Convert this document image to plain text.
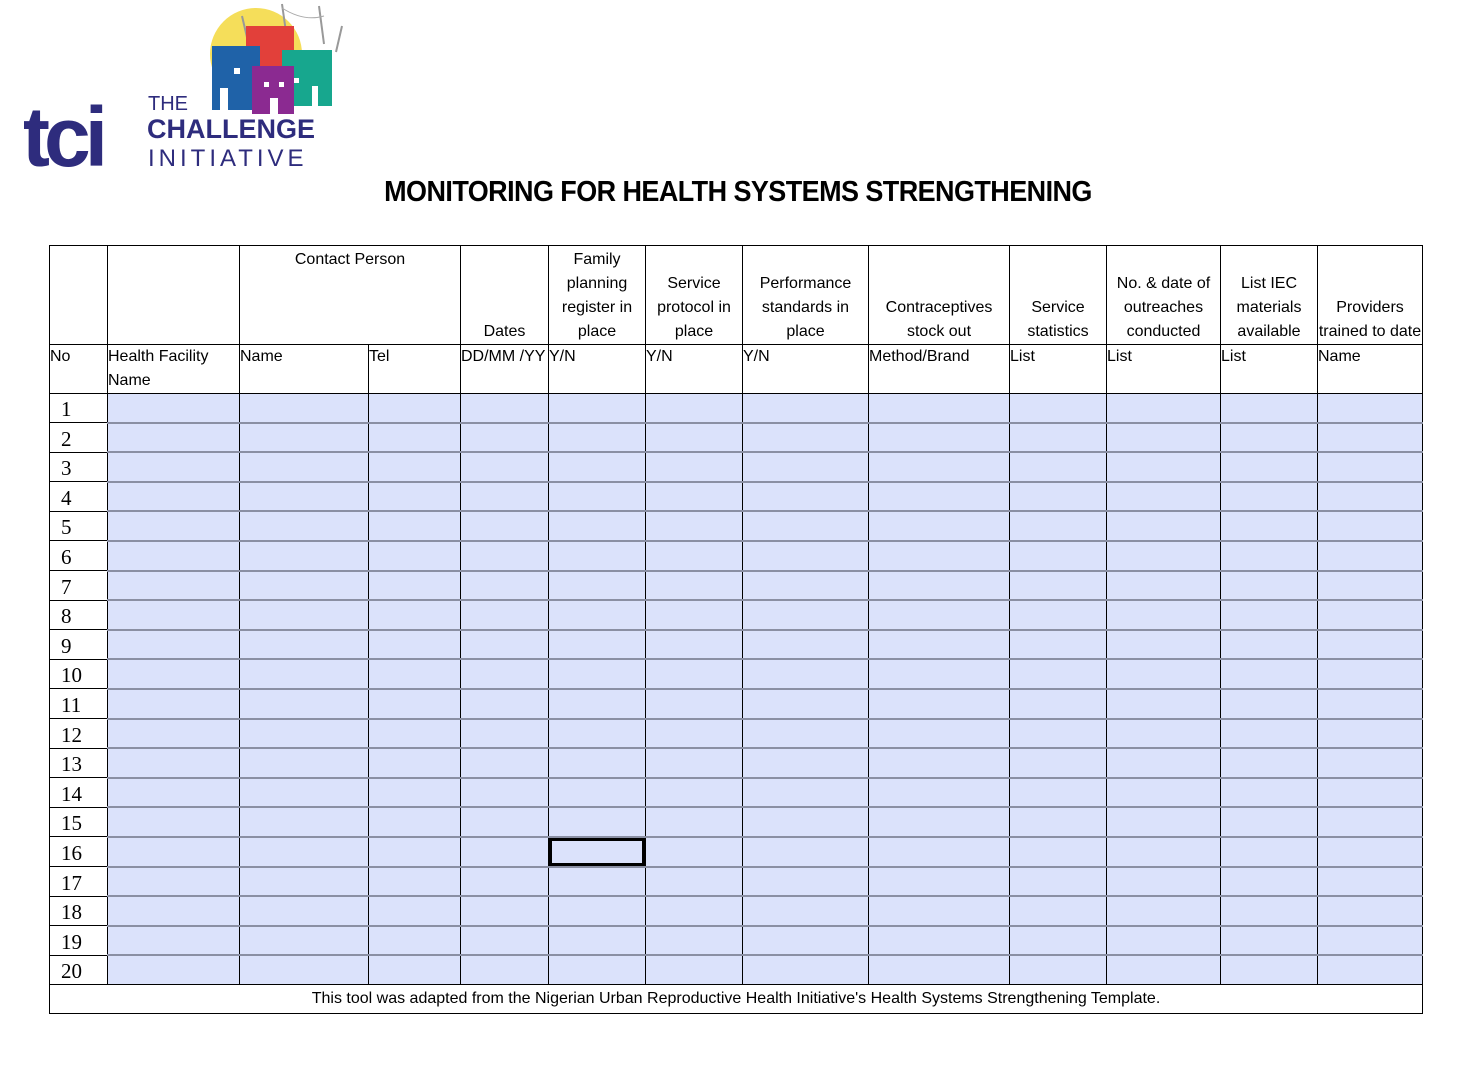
tci THE
CHALLENGE
INITIATIVE
MONITORING FOR HEALTH SYSTEMS STRENGTHENING
		Contact Person		Dates	Family planning register in place	Service protocol in place	Performance standards in place	Contraceptives stock out	Service statistics	No. & date of outreaches conducted	List IEC materials available	Providers trained to date
No	Health Facility Name	Name	Tel	DD/MM /YY	Y/N	Y/N	Y/N	Method/Brand	List	List	List	Name
1												
2												
3												
4												
5												
6												
7												
8												
9												
10												
11												
12												
13												
14												
15												
16												
17												
18												
19												
20												
This tool was adapted from the Nigerian Urban Reproductive Health Initiative's Health Systems Strengthening Template.												
